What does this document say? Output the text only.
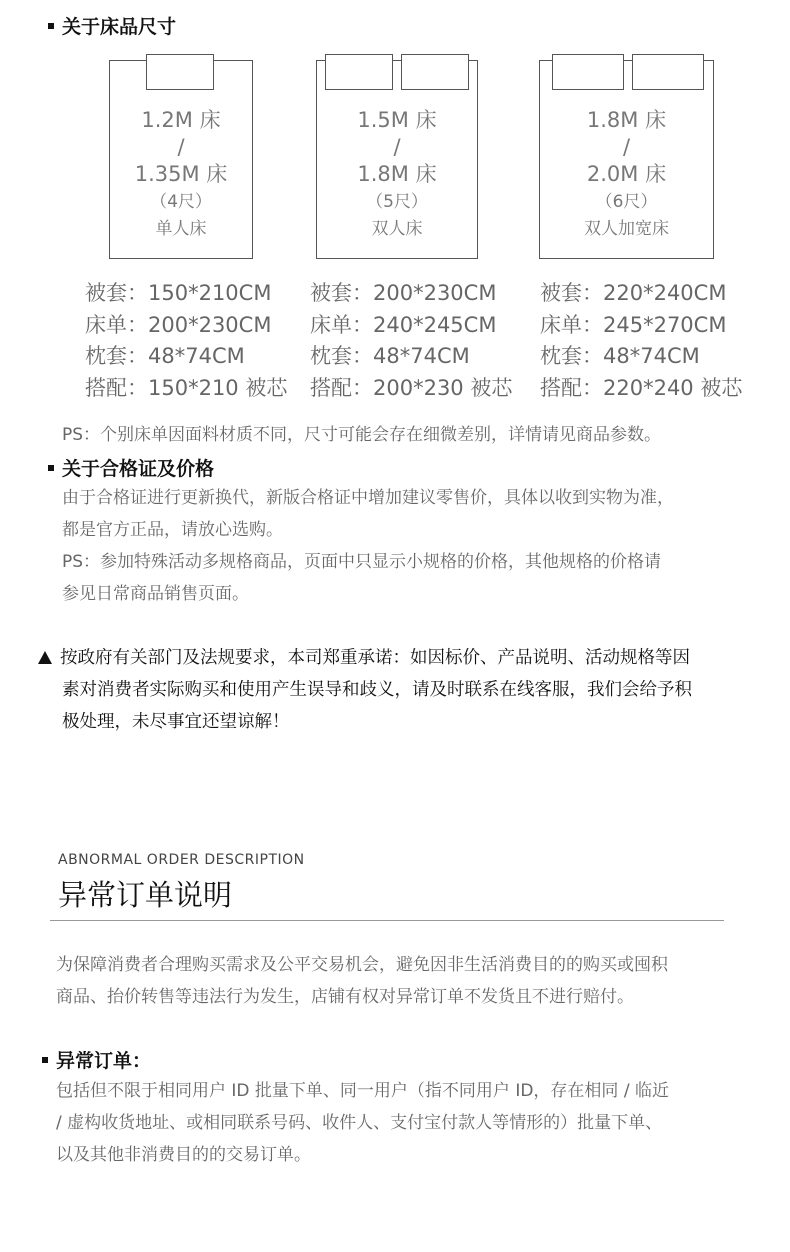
关于床品尺寸
1.2M 床
/
1.35M 床
（4尺）
单人床
1.5M 床
/
1.8M 床
（5尺）
双人床
1.8M 床
/
2.0M 床
（6尺）
双人加宽床
被套：150*210CM
床单：200*230CM
枕套：48*74CM
搭配：150*210 被芯
被套：200*230CM
床单：240*245CM
枕套：48*74CM
搭配：200*230 被芯
被套：220*240CM
床单：245*270CM
枕套：48*74CM
搭配：220*240 被芯
PS：个别床单因面料材质不同，尺寸可能会存在细微差别，详情请见商品参数。
关于合格证及价格
由于合格证进行更新换代，新版合格证中增加建议零售价，具体以收到实物为准，
都是官方正品，请放心选购。
PS：参加特殊活动多规格商品，页面中只显示小规格的价格，其他规格的价格请
参见日常商品销售页面。
按政府有关部门及法规要求，本司郑重承诺：如因标价、产品说明、活动规格等因
素对消费者实际购买和使用产生误导和歧义，请及时联系在线客服，我们会给予积
极处理，未尽事宜还望谅解！
ABNORMAL ORDER DESCRIPTION
异常订单说明
为保障消费者合理购买需求及公平交易机会，避免因非生活消费目的的购买或囤积
商品、抬价转售等违法行为发生，店铺有权对异常订单不发货且不进行赔付。
异常订单：
包括但不限于相同用户 ID 批量下单、同一用户（指不同用户 ID，存在相同 / 临近
/ 虚构收货地址、或相同联系号码、收件人、支付宝付款人等情形的）批量下单、
以及其他非消费目的的交易订单。
